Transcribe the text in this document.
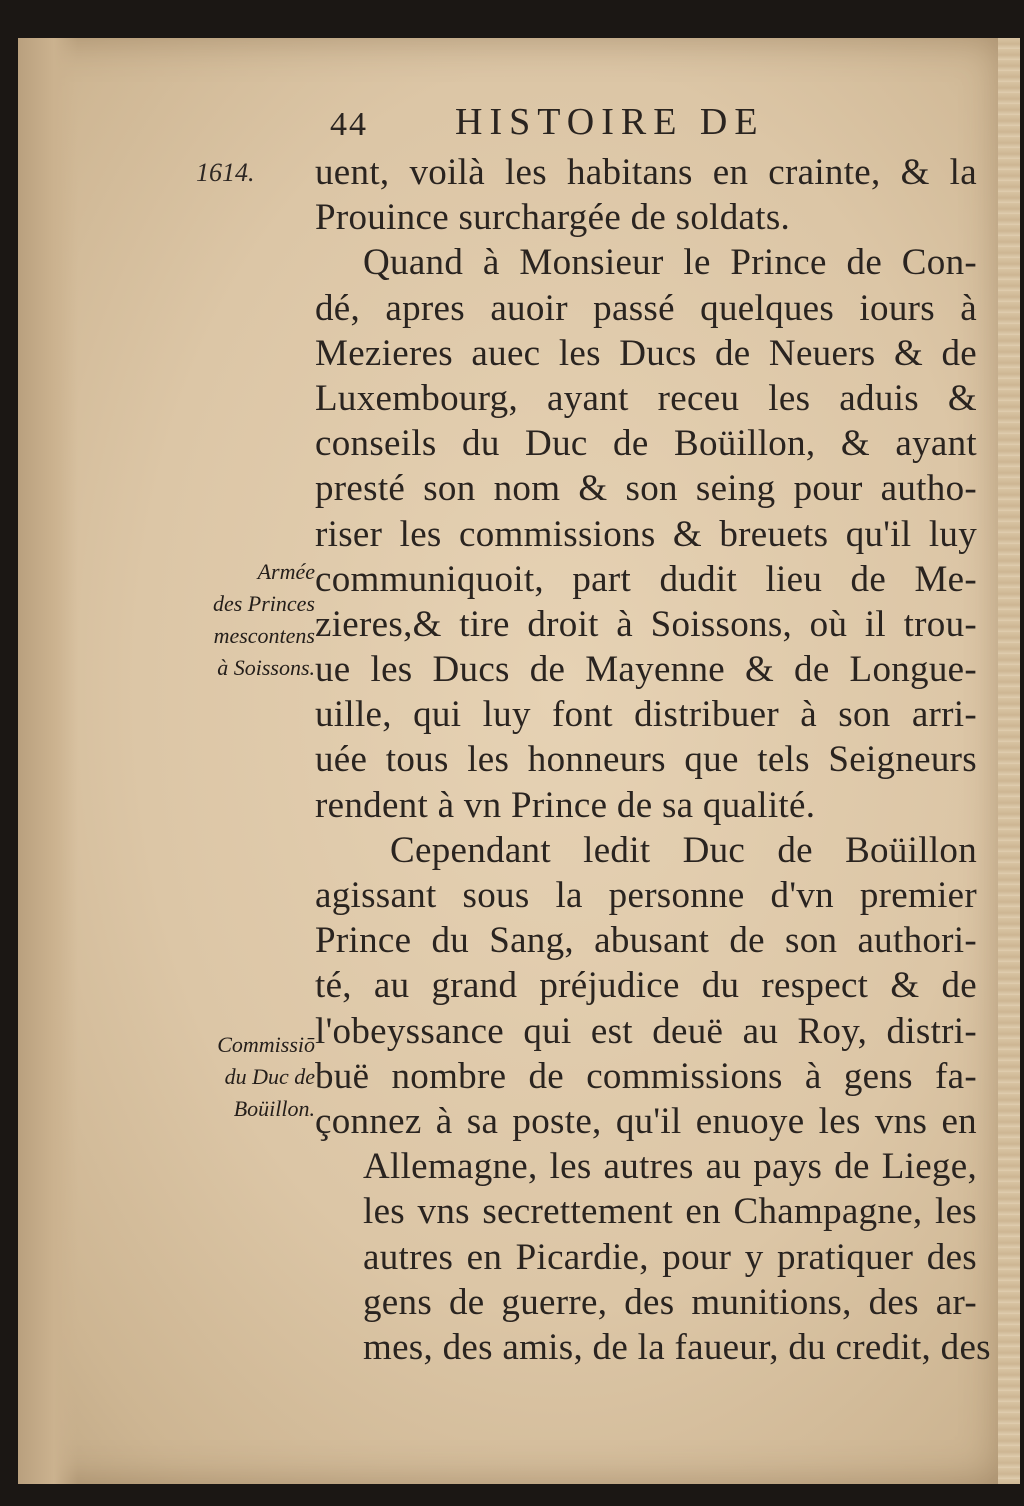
44 HISTOIRE DE
1614.
Armée
des Princes
mescontens
à Soissons.
Commissiō
du Duc de
Boüillon.
uent, voilà les habitans en crainte, & la
Prouince surchargée de soldats.
Quand à Monsieur le Prince de Con-
dé, apres auoir passé quelques iours à
Mezieres auec les Ducs de Neuers & de
Luxembourg, ayant receu les aduis &
conseils du Duc de Boüillon, & ayant
presté son nom & son seing pour autho-
riser les commissions & breuets qu'il luy
communiquoit, part dudit lieu de Me-
zieres,& tire droit à Soissons, où il trou-
ue les Ducs de Mayenne & de Longue-
uille, qui luy font distribuer à son arri-
uée tous les honneurs que tels Seigneurs
rendent à vn Prince de sa qualité.
Cependant ledit Duc de Boüillon
agissant sous la personne d'vn premier
Prince du Sang, abusant de son authori-
té, au grand préjudice du respect & de
l'obeyssance qui est deuë au Roy, distri-
buë nombre de commissions à gens fa-
çonnez à sa poste, qu'il enuoye les vns en
Allemagne, les autres au pays de Liege,
les vns secrettement en Champagne, les
autres en Picardie, pour y pratiquer des
gens de guerre, des munitions, des ar-
mes, des amis, de la faueur, du credit, des
